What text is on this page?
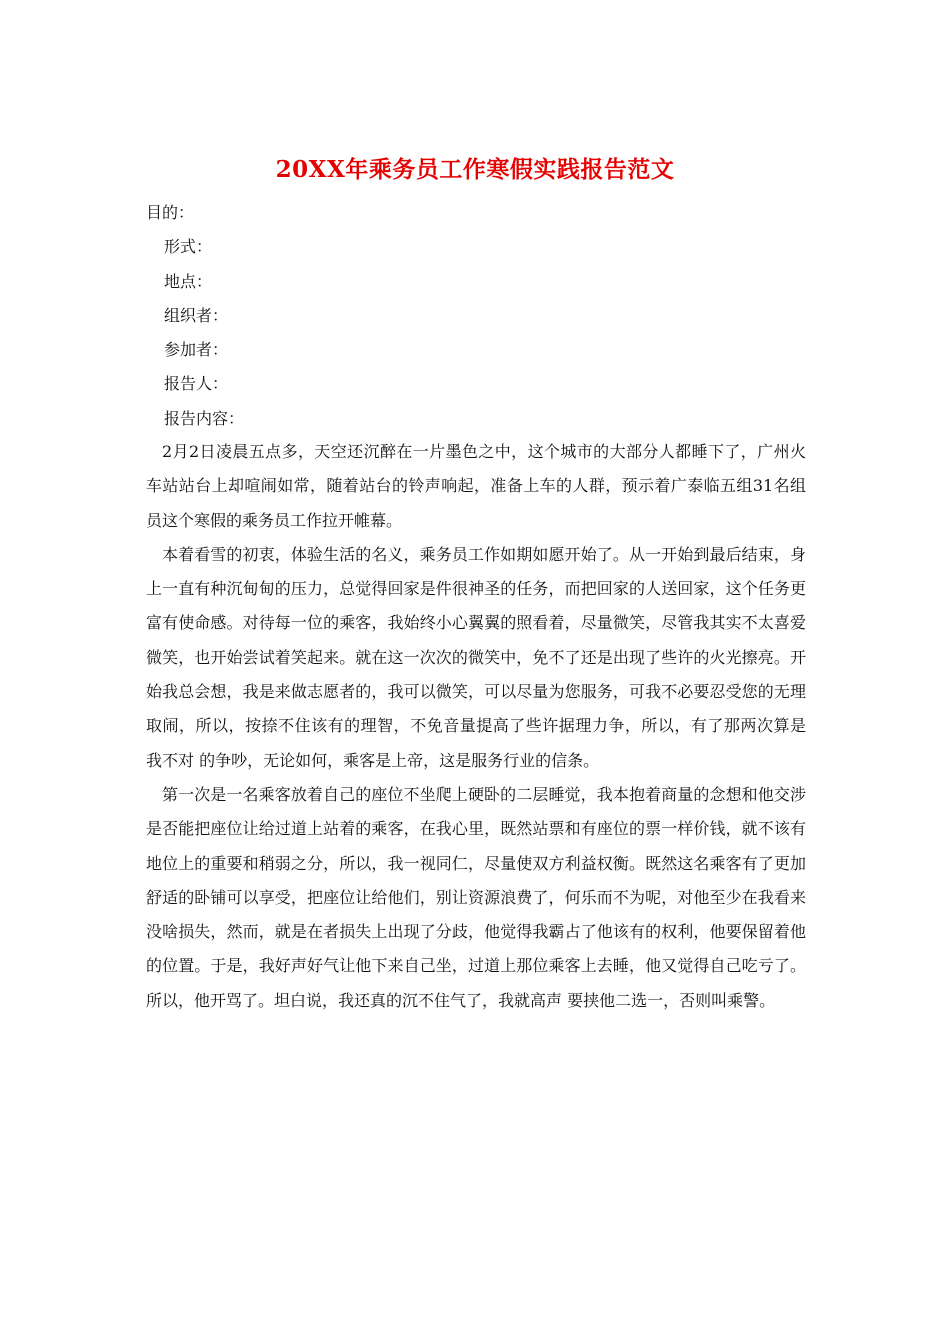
20XX年乘务员工作寒假实践报告范文
目的：
形式：
地点：
组织者：
参加者：
报告人：
报告内容：

2月2日凌晨五点多，天空还沉醉在一片墨色之中，这个城市的大部分人都睡下了，广州火车站站台上却喧闹如常，随着站台的铃声响起，准备上车的人群，预示着广泰临五组31名组员这个寒假的乘务员工作拉开帷幕。

本着看雪的初衷，体验生活的名义，乘务员工作如期如愿开始了。从一开始到最后结束，身上一直有种沉甸甸的压力，总觉得回家是件很神圣的任务，而把回家的人送回家，这个任务更富有使命感。对待每一位的乘客，我始终小心翼翼的照看着，尽量微笑，尽管我其实不太喜爱微笑，也开始尝试着笑起来。就在这一次次的微笑中，免不了还是出现了些许的火光擦亮。开始我总会想，我是来做志愿者的，我可以微笑，可以尽量为您服务，可我不必要忍受您的无理取闹，所以，按捺不住该有的理智，不免音量提高了些许据理力争，所以，有了那两次算是 我不对 的争吵，无论如何，乘客是上帝，这是服务行业的信条。

第一次是一名乘客放着自己的座位不坐爬上硬卧的二层睡觉，我本抱着商量的念想和他交涉是否能把座位让给过道上站着的乘客，在我心里，既然站票和有座位的票一样价钱，就不该有地位上的重要和稍弱之分，所以，我一视同仁，尽量使双方利益权衡。既然这名乘客有了更加舒适的卧铺可以享受，把座位让给他们，别让资源浪费了，何乐而不为呢，对他至少在我看来没啥损失，然而，就是在者损失上出现了分歧，他觉得我霸占了他该有的权利，他要保留着他的位置。于是，我好声好气让他下来自己坐，过道上那位乘客上去睡，他又觉得自己吃亏了。所以，他开骂了。坦白说，我还真的沉不住气了，我就高声 要挟他二选一，否则叫乘警。
